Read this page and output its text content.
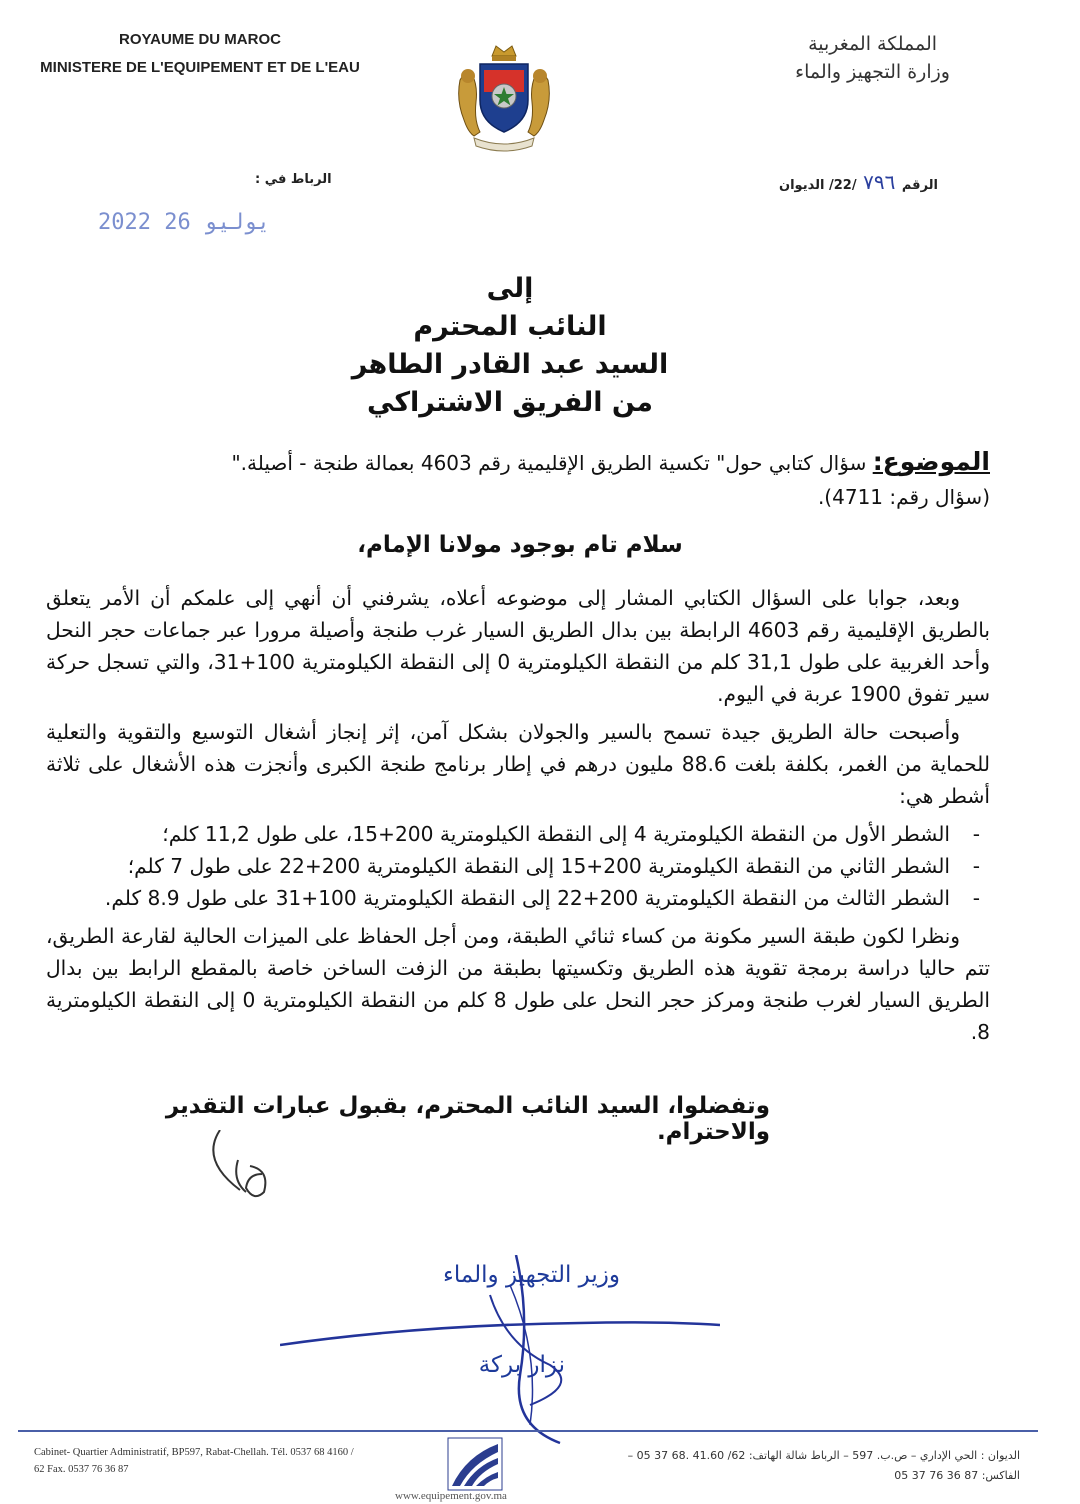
ROYAUME DU MAROC
MINISTERE DE L'EQUIPEMENT ET DE L'EAU
المملكة المغربية
وزارة التجهيز والماء
الرقم ٧٩٦ /22/ الديوان
الرباط في :
2022 يوليو 26
إلى
النائب المحترم
السيد عبد القادر الطاهر
من الفريق الاشتراكي
الموضوع: سؤال كتابي حول" تكسية الطريق الإقليمية رقم 4603 بعمالة طنجة - أصيلة."
(سؤال رقم: 4711).
سلام تام بوجود مولانا الإمام،

وبعد، جوابا على السؤال الكتابي المشار إلى موضوعه أعلاه، يشرفني أن أنهي إلى علمكم أن الأمر يتعلق بالطريق الإقليمية رقم 4603 الرابطة بين بدال الطريق السيار غرب طنجة وأصيلة مرورا عبر جماعات حجر النحل وأحد الغربية على طول 31,1 كلم من النقطة الكيلومترية 0 إلى النقطة الكيلومترية 100+31، والتي تسجل حركة سير تفوق 1900 عربة في اليوم.

وأصبحت حالة الطريق جيدة تسمح بالسير والجولان بشكل آمن، إثر إنجاز أشغال التوسيع والتقوية والتعلية للحماية من الغمر، بكلفة بلغت 88.6 مليون درهم في إطار برنامج طنجة الكبرى وأنجزت هذه الأشغال على ثلاثة أشطر هي:

- الشطر الأول من النقطة الكيلومترية 4 إلى النقطة الكيلومترية 200+15، على طول 11,2 كلم؛
- الشطر الثاني من النقطة الكيلومترية 200+15 إلى النقطة الكيلومترية 200+22 على طول 7 كلم؛
- الشطر الثالث من النقطة الكيلومترية 200+22 إلى النقطة الكيلومترية 100+31 على طول 8.9 كلم.

ونظرا لكون طبقة السير مكونة من كساء ثنائي الطبقة، ومن أجل الحفاظ على الميزات الحالية لقارعة الطريق، تتم حاليا دراسة برمجة تقوية هذه الطريق وتكسيتها بطبقة من الزفت الساخن خاصة بالمقطع الرابط بين بدال الطريق السيار لغرب طنجة ومركز حجر النحل على طول 8 كلم من النقطة الكيلومترية 0 إلى النقطة الكيلومترية 8.

وتفضلوا، السيد النائب المحترم، بقبول عبارات التقدير والاحترام.
وزير التجهيز والماء
نزار بركة
Cabinet- Quartier Administratif, BP597, Rabat-Chellah. Tél. 0537 68 4160 /
62 Fax. 0537 76 36 87
الديوان : الحي الإداري – ص.ب. 597 – الرباط شالة الهاتف: 62/ 41.60 .68 37 05 –
الفاكس: 87 36 76 37 05
www.equipement.gov.ma
